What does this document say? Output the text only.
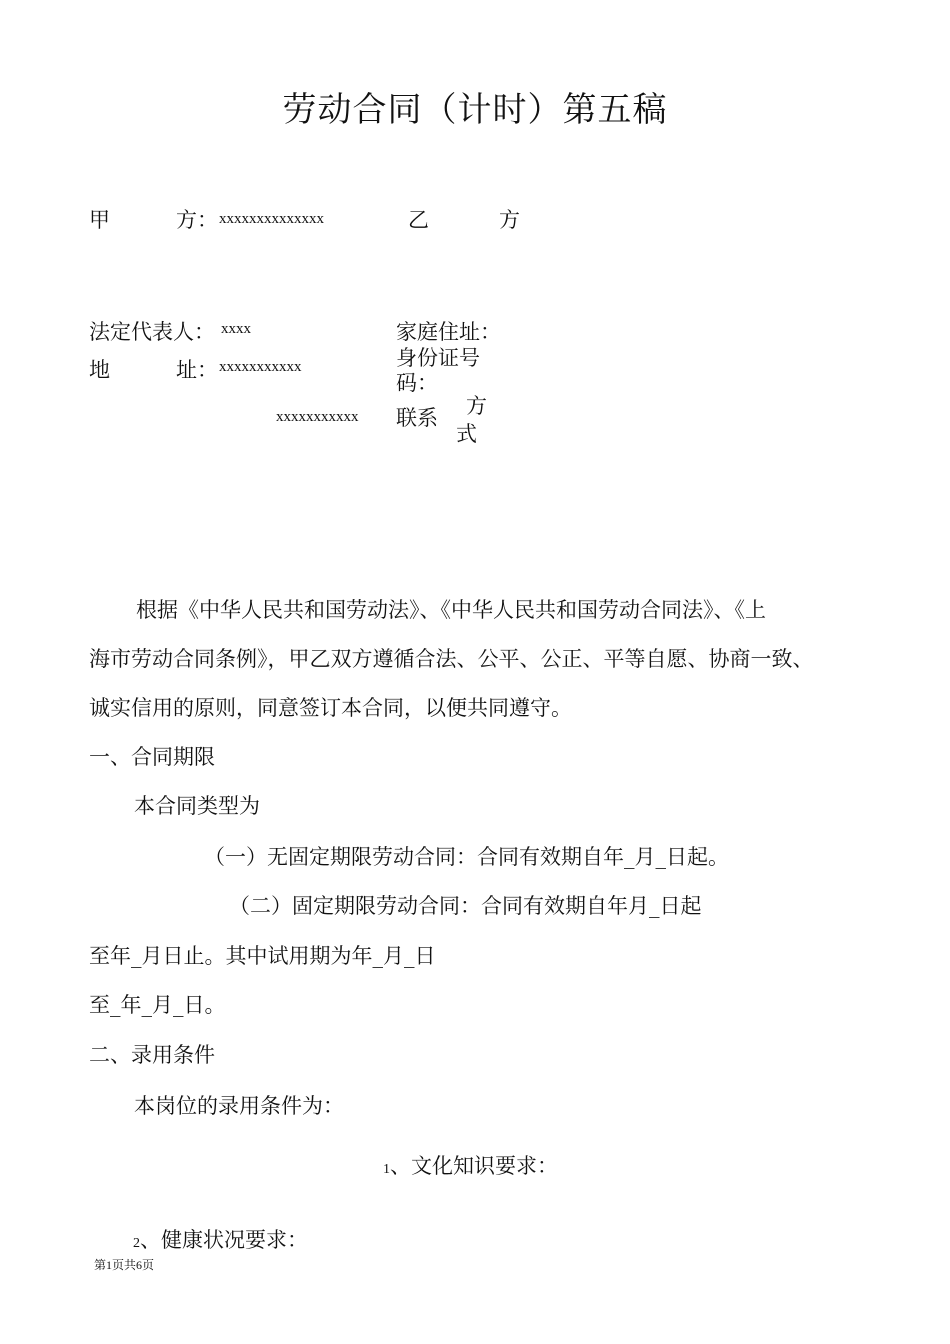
劳动合同（计时）第五稿
甲	方： xxxxxxxxxxxxxx	乙	方
法定代表人： xxxx	家庭住址：
地	址： xxxxxxxxxxx	身份证号
码：
xxxxxxxxxxx 联系 方
式
根据《中华人民共和国劳动法》、《中华人民共和国劳动合同法》、《上
海市劳动合同条例》，甲乙双方遵循合法、公平、公正、平等自愿、协商一致、
诚实信用的原则，同意签订本合同，以便共同遵守。
一、合同期限
本合同类型为
（一）无固定期限劳动合同：合同有效期自年_月_日起。
（二）固定期限劳动合同：合同有效期自年月_日起
至年_月日止。其中试用期为年_月_日
至_年_月_日。
二、录用条件
本岗位的录用条件为：
1、文化知识要求：
2、健康状况要求：
第1页共6页
